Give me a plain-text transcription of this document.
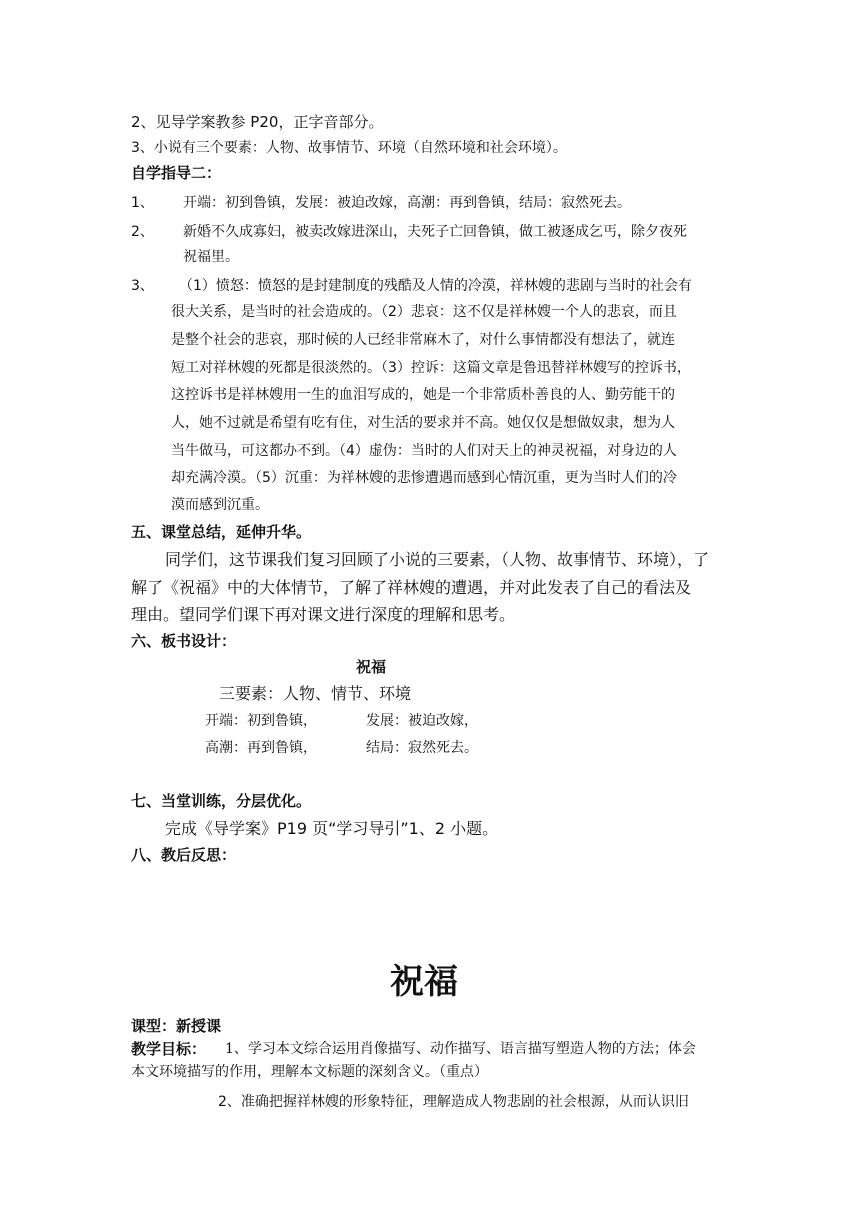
2、见导学案教参 P20，正字音部分。
3、小说有三个要素：人物、故事情节、环境（自然环境和社会环境）。
自学指导二：
1、 开端：初到鲁镇，发展：被迫改嫁，高潮：再到鲁镇，结局：寂然死去。
2、 新婚不久成寡妇，被卖改嫁进深山，夫死子亡回鲁镇，做工被逐成乞丐，除夕夜死
祝福里。
3、 （1）愤怒：愤怒的是封建制度的残酷及人情的冷漠，祥林嫂的悲剧与当时的社会有
很大关系，是当时的社会造成的。（2）悲哀：这不仅是祥林嫂一个人的悲哀，而且
是整个社会的悲哀，那时候的人已经非常麻木了，对什么事情都没有想法了，就连
短工对祥林嫂的死都是很淡然的。（3）控诉：这篇文章是鲁迅替祥林嫂写的控诉书，
这控诉书是祥林嫂用一生的血泪写成的，她是一个非常质朴善良的人、勤劳能干的
人，她不过就是希望有吃有住，对生活的要求并不高。她仅仅是想做奴隶，想为人
当牛做马，可这都办不到。（4）虚伪：当时的人们对天上的神灵祝福，对身边的人
却充满冷漠。（5）沉重：为祥林嫂的悲惨遭遇而感到心情沉重，更为当时人们的冷
漠而感到沉重。
五、课堂总结，延伸升华。
同学们，这节课我们复习回顾了小说的三要素，（人物、故事情节、环境），了
解了《祝福》中的大体情节，了解了祥林嫂的遭遇，并对此发表了自己的看法及
理由。望同学们课下再对课文进行深度的理解和思考。
六、板书设计：
祝福
三要素：人物、情节、环境
开端：初到鲁镇，	发展：被迫改嫁，
高潮：再到鲁镇，	结局：寂然死去。
七、当堂训练，分层优化。
完成《导学案》P19 页“学习导引”1、2 小题。
八、教后反思：
祝福
课型：新授课
教学目标： 1、学习本文综合运用肖像描写、动作描写、语言描写塑造人物的方法；体会
本文环境描写的作用，理解本文标题的深刻含义。（重点）
2、准确把握祥林嫂的形象特征，理解造成人物悲剧的社会根源，从而认识旧
